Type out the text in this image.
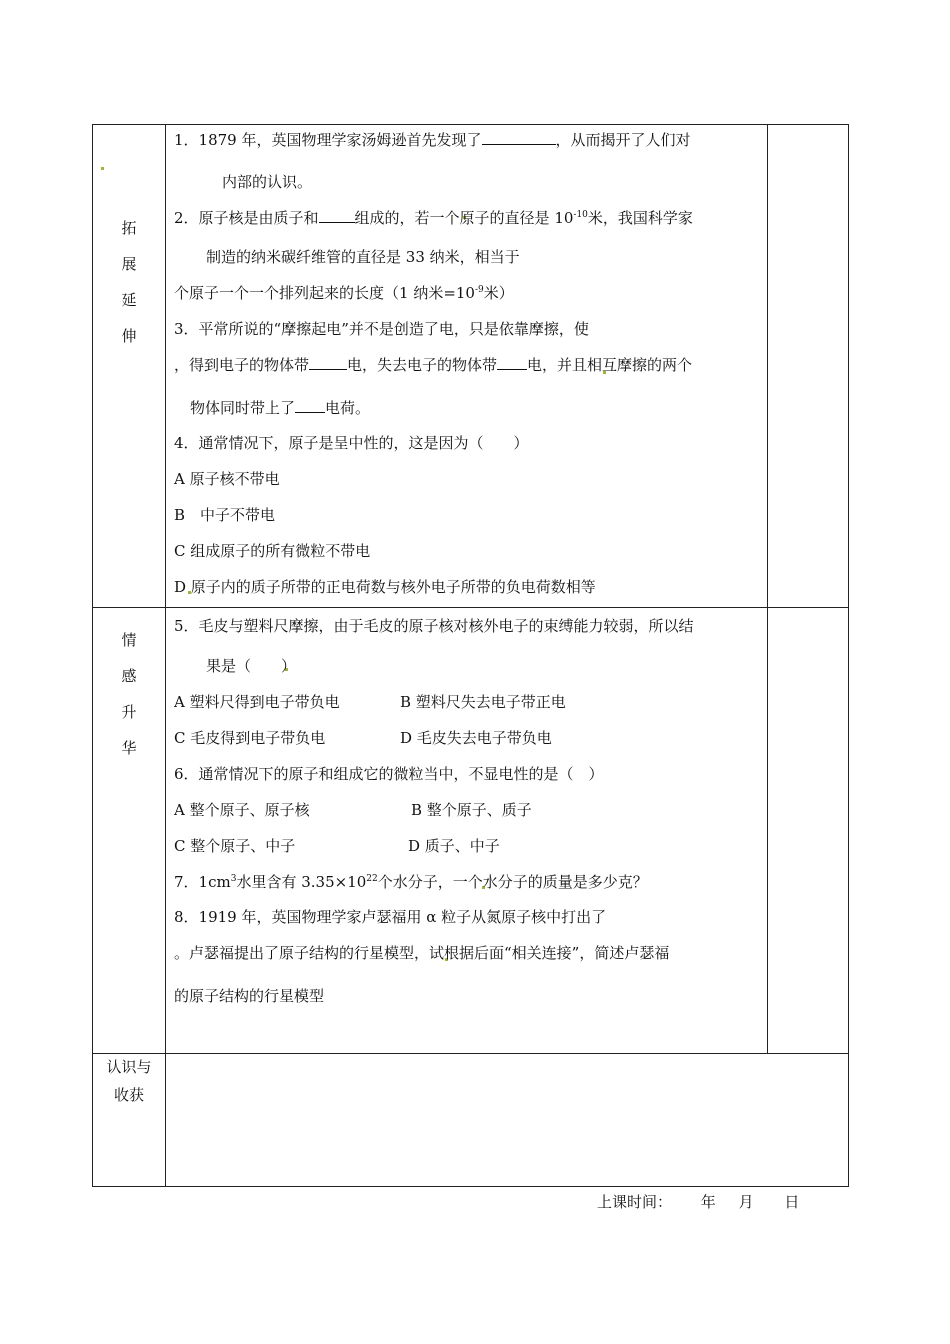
拓
展
延
伸
情
感
升
华
认识与
收获
1．1879 年，英国物理学家汤姆逊首先发现了	，从而揭开了人们对
内部的认识。
2．原子核是由质子和 组成的，若一个原子的直径是 $10^{-10}$米，我国科学家
制造的纳米碳纤维管的直径是 33 纳米，相当于
个原子一个一个排列起来的长度（1 纳米$=10^{-9}$米）
3．平常所说的“摩擦起电”并不是创造了电，只是依靠摩擦，使
，得到电子的物体带	电，失去电子的物体带 电，并且相互摩擦的两个
物体同时带上了 电荷。
4．通常情况下，原子是呈中性的，这是因为（　　）
A 原子核不带电
B　中子不带电
C 组成原子的所有微粒不带电
D 原子内的质子所带的正电荷数与核外电子所带的负电荷数相等
5．毛皮与塑料尺摩擦，由于毛皮的原子核对核外电子的束缚能力较弱，所以结
果是（　　）
A 塑料尺得到电子带负电	B 塑料尺失去电子带正电
C 毛皮得到电子带负电	D 毛皮失去电子带负电
6．通常情况下的原子和组成它的微粒当中，不显电性的是（　）
A 整个原子、原子核	B 整个原子、质子
C 整个原子、中子	D 质子、中子
7．$1cm^3$水里含有 $3.35\times 10^{22}$个水分子，一个水分子的质量是多少克？
8．1919 年，英国物理学家卢瑟福用 α 粒子从氮原子核中打出了
。卢瑟福提出了原子结构的行星模型，试根据后面“相关连接”，简述卢瑟福
的原子结构的行星模型
上课时间： 年 月 日
